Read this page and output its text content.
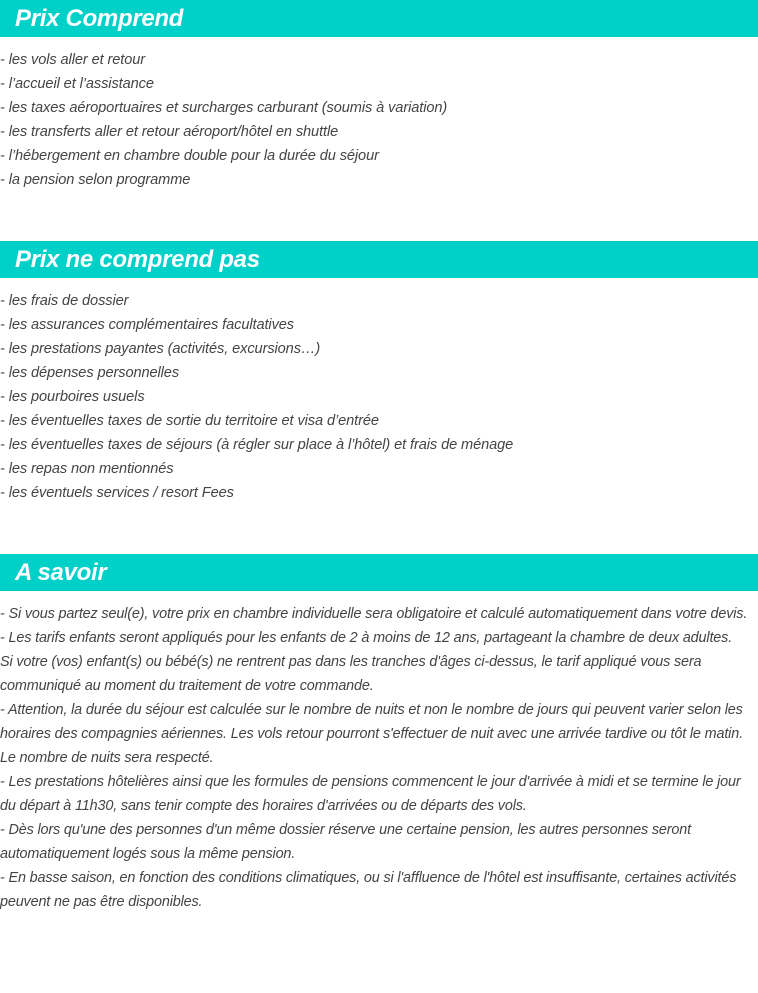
Prix Comprend
- les vols aller et retour
- l’accueil et l’assistance
- les taxes aéroportuaires et surcharges carburant (soumis à variation)
- les transferts aller et retour aéroport/hôtel en shuttle
- l’hébergement en chambre double pour la durée du séjour
- la pension selon programme
Prix ne comprend pas
- les frais de dossier
- les assurances complémentaires facultatives
- les prestations payantes (activités, excursions…)
- les dépenses personnelles
- les pourboires usuels
- les éventuelles taxes de sortie du territoire et visa d’entrée
- les éventuelles taxes de séjours (à régler sur place à l’hôtel) et frais de ménage
- les repas non mentionnés
- les éventuels services / resort Fees
A savoir
- Si vous partez seul(e), votre prix en chambre individuelle sera obligatoire et calculé automatiquement dans votre devis.
- Les tarifs enfants seront appliqués pour les enfants de 2 à moins de 12 ans, partageant la chambre de deux adultes.
Si votre (vos) enfant(s) ou bébé(s) ne rentrent pas dans les tranches d'âges ci-dessus, le tarif appliqué vous sera communiqué au moment du traitement de votre commande.
- Attention, la durée du séjour est calculée sur le nombre de nuits et non le nombre de jours qui peuvent varier selon les horaires des compagnies aériennes. Les vols retour pourront s'effectuer de nuit avec une arrivée tardive ou tôt le matin. Le nombre de nuits sera respecté.
- Les prestations hôtelières ainsi que les formules de pensions commencent le jour d'arrivée à midi et se termine le jour du départ à 11h30, sans tenir compte des horaires d'arrivées ou de départs des vols.
- Dès lors qu'une des personnes d'un même dossier réserve une certaine pension, les autres personnes seront automatiquement logés sous la même pension.
- En basse saison, en fonction des conditions climatiques, ou si l'affluence de l'hôtel est insuffisante, certaines activités peuvent ne pas être disponibles.
